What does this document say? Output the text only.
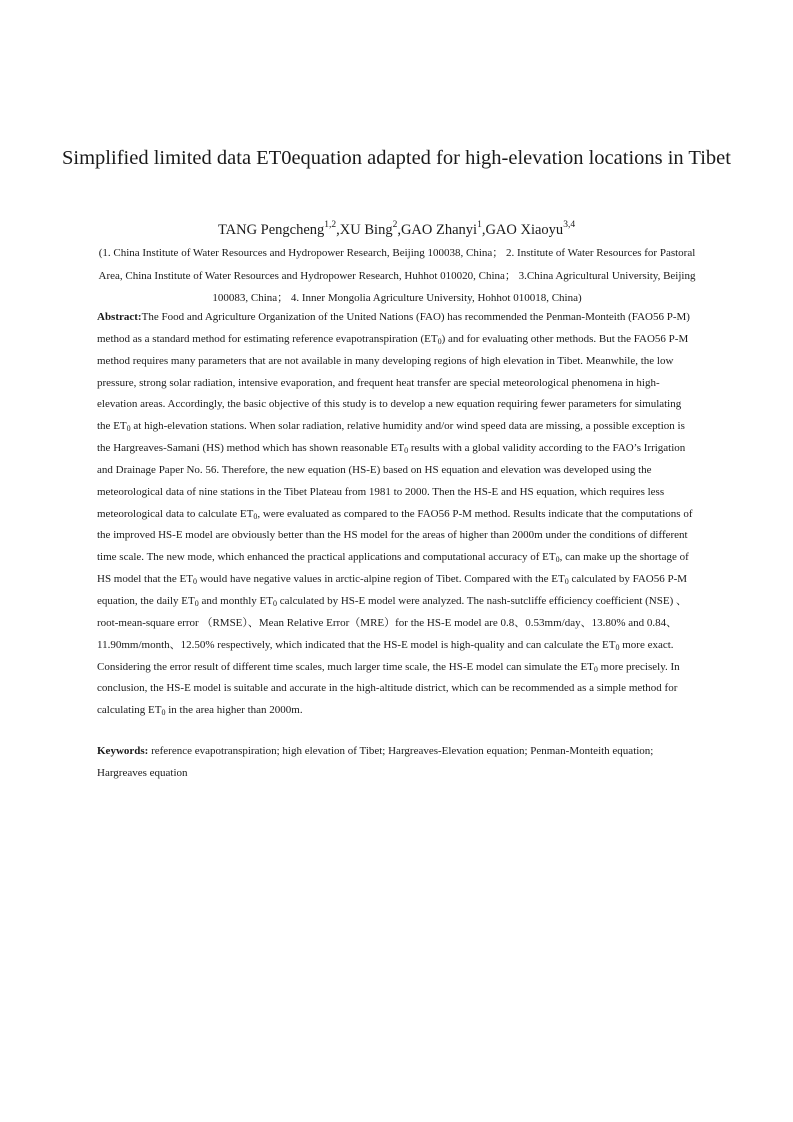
Simplified limited data ET0equation adapted for high-elevation locations in Tibet
TANG Pengcheng$^{1,2}$,XU Bing$^2$,GAO Zhanyi$^1$,GAO Xiaoyu$^{3,4}$
(1. China Institute of Water Resources and Hydropower Research, Beijing 100038, China； 2. Institute of Water Resources for Pastoral Area, China Institute of Water Resources and Hydropower Research, Huhhot 010020, China； 3.China Agricultural University, Beijing 100083, China； 4. Inner Mongolia Agriculture University, Hohhot 010018, China)
Abstract:The Food and Agriculture Organization of the United Nations (FAO) has recommended the Penman-Monteith (FAO56 P-M) method as a standard method for estimating reference evapotranspiration $(ET_0)$ and for evaluating other methods. But the FAO56 P-M method requires many parameters that are not available in many developing regions of high elevation in Tibet. Meanwhile, the low pressure, strong solar radiation, intensive evaporation, and frequent heat transfer are special meteorological phenomena in high-elevation areas. Accordingly, the basic objective of this study is to develop a new equation requiring fewer parameters for simulating the $ET_0$ at high-elevation stations. When solar radiation, relative humidity and/or wind speed data are missing, a possible exception is the Hargreaves-Samani (HS) method which has shown reasonable $ET_0$ results with a global validity according to the FAO’s Irrigation and Drainage Paper No. 56. Therefore, the new equation (HS-E) based on HS equation and elevation was developed using the meteorological data of nine stations in the Tibet Plateau from 1981 to 2000. Then the HS-E and HS equation, which requires less meteorological data to calculate $ET_0$, were evaluated as compared to the FAO56 P-M method. Results indicate that the computations of the improved HS-E model are obviously better than the HS model for the areas of higher than 2000m under the conditions of different time scale. The new mode, which enhanced the practical applications and computational accuracy of $ET_0$, can make up the shortage of HS model that the $ET_0$ would have negative values in arctic-alpine region of Tibet. Compared with the $ET_0$ calculated by FAO56 P-M equation, the daily $ET_0$ and monthly $ET_0$ calculated by HS-E model were analyzed. The nash-sutcliffe efficiency coefficient (NSE) 、root-mean-square error （RMSE）、Mean Relative Error（MRE）for the HS-E model are 0.8、0.53mm/day、13.80% and 0.84、11.90mm/month、12.50% respectively, which indicated that the HS-E model is high-quality and can calculate the $ET_0$ more exact. Considering the error result of different time scales, much larger time scale, the HS-E model can simulate the $ET_0$ more precisely. In conclusion, the HS-E model is suitable and accurate in the high-altitude district, which can be recommended as a simple method for calculating $ET_0$ in the area higher than 2000m.
Keywords: reference evapotranspiration; high elevation of Tibet; Hargreaves-Elevation equation; Penman-Monteith equation; Hargreaves equation
